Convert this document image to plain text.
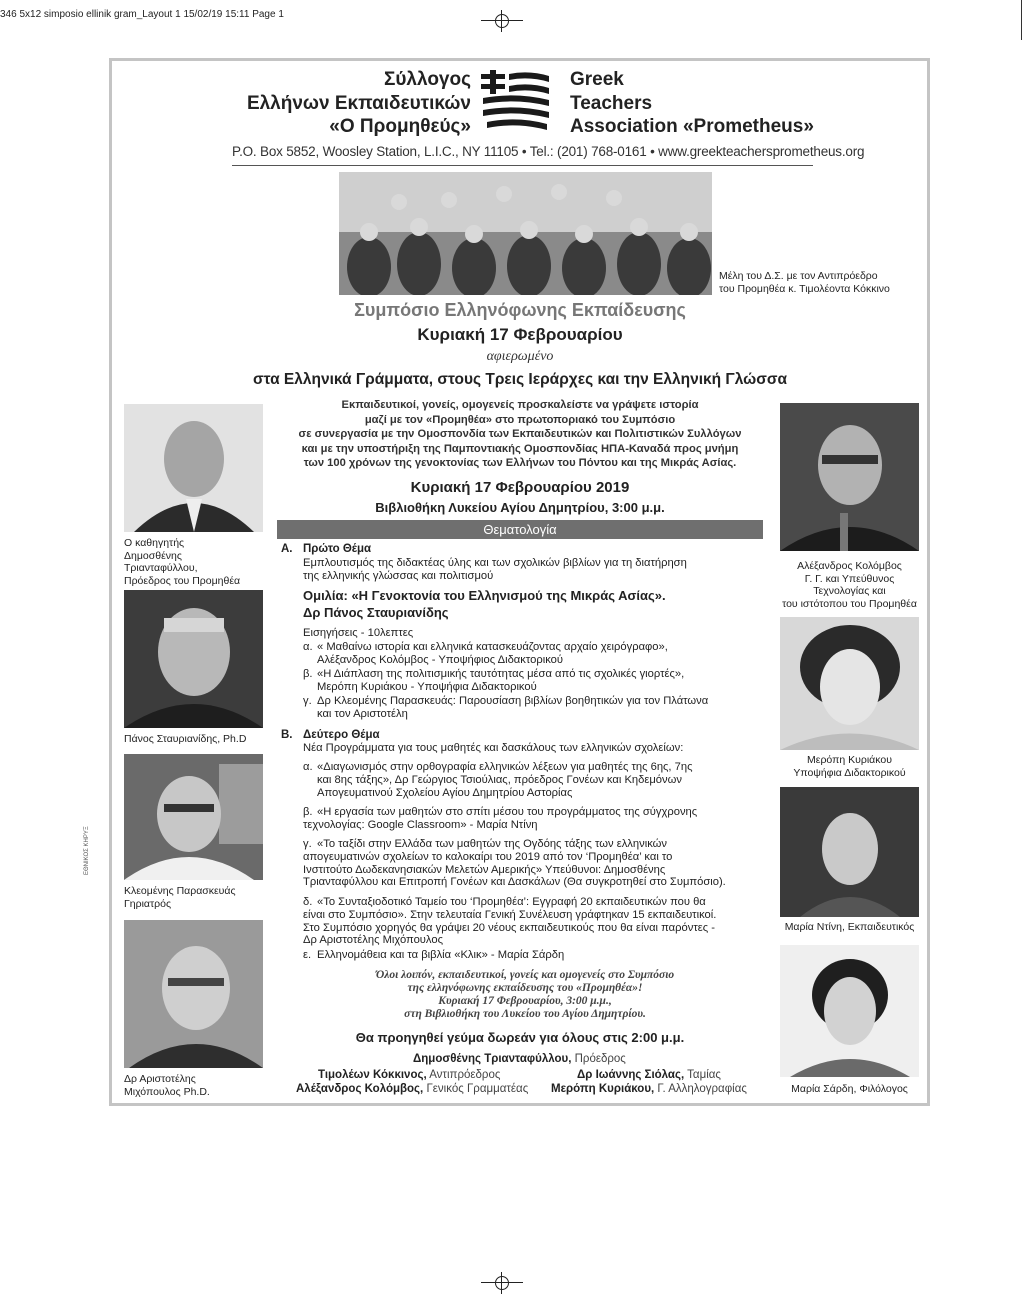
346 5x12 simposio ellinik gram_Layout 1 15/02/19 15:11 Page 1
ΕΘΝΙΚΟΣ ΚΗΡΥΞ
Σύλλογος
Ελλήνων Εκπαιδευτικών
«Ο Προμηθεύς»
Greek
Teachers
Association «Prometheus»
P.O. Box 5852, Woosley Station, L.I.C., NY 11105 • Tel.: (201) 768-0161 • www.greekteachersprometheus.org
Μέλη του Δ.Σ. με τον Αντιπρόεδρο
του Προμηθέα κ. Τιμολέοντα Κόκκινο
Συμπόσιο Ελληνόφωνης Εκπαίδευσης
Κυριακή 17 Φεβρουαρίου
αφιερωμένο
στα Ελληνικά Γράμματα, στους Τρεις Ιεράρχες και την Ελληνική Γλώσσα
Εκπαιδευτικοί, γονείς, ομογενείς προσκαλείστε να γράψετε ιστορία
μαζί με τον «Προμηθέα» στο πρωτοποριακό του Συμπόσιο
σε συνεργασία με την Ομοσπονδία των Εκπαιδευτικών και Πολιτιστικών Συλλόγων
και με την υποστήριξη της Παμποντιακής Ομοσπονδίας ΗΠΑ-Καναδά προς μνήμη
των 100 χρόνων της γενοκτονίας των Ελλήνων του Πόντου και της Μικράς Ασίας.
Κυριακή 17 Φεβρουαρίου 2019
Βιβλιοθήκη Λυκείου Αγίου Δημητρίου, 3:00 μ.μ.
Θεματολογία
Α. Πρώτο Θέμα
Εμπλουτισμός της διδακτέας ύλης και των σχολικών βιβλίων για τη διατήρηση
της ελληνικής γλώσσας και πολιτισμού
Ομιλία: «Η Γενοκτονία του Ελληνισμού της Μικράς Ασίας».
Δρ Πάνος Σταυριανίδης
Εισηγήσεις - 10λεπτες
α. « Μαθαίνω ιστορία και ελληνικά κατασκευάζοντας αρχαίο χειρόγραφο»,
Αλέξανδρος Κολόμβος - Υποψήφιος Διδακτορικού
β. «Η Διάπλαση της πολιτισμικής ταυτότητας μέσα από τις σχολικές γιορτές»,
Μερόπη Κυριάκου - Υποψήφια Διδακτορικού
γ. Δρ Κλεομένης Παρασκευάς: Παρουσίαση βιβλίων βοηθητικών για τον Πλάτωνα
και τον Αριστοτέλη
Β. Δεύτερο Θέμα
Νέα Προγράμματα για τους μαθητές και δασκάλους των ελληνικών σχολείων:
α. «Διαγωνισμός στην ορθογραφία ελληνικών λέξεων για μαθητές της 6ης, 7ης
και 8ης τάξης», Δρ Γεώργιος Τσιούλιας, πρόεδρος Γονέων και Κηδεμόνων
Απογευματινού Σχολείου Αγίου Δημητρίου Αστορίας
β. «Η εργασία των μαθητών στο σπίτι μέσου του προγράμματος της σύγχρονης
τεχνολογίας: Google Classroom» - Μαρία Ντίνη
γ. «Το ταξίδι στην Ελλάδα των μαθητών της Ογδόης τάξης των ελληνικών
απογευματινών σχολείων το καλοκαίρι του 2019 από τον ‘Προμηθέα’ και το
Ινστιτούτο Δωδεκανησιακών Μελετών Αμερικής» Υπεύθυνοι: Δημοσθένης
Τριανταφύλλου και Επιτροπή Γονέων και Δασκάλων (Θα συγκροτηθεί στο Συμπόσιο).
δ. «Το Συνταξιοδοτικό Ταμείο του ‘Προμηθέα’: Εγγραφή 20 εκπαιδευτικών που θα
είναι στο Συμπόσιο». Στην τελευταία Γενική Συνέλευση γράφτηκαν 15 εκπαιδευτικοί.
Στο Συμπόσιο χορηγός θα γράψει 20 νέους εκπαιδευτικούς που θα είναι παρόντες -
Δρ Αριστοτέλης Μιχόπουλος
ε. Ελληνομάθεια και τα βιβλία «Κλικ» - Μαρία Σάρδη
Όλοι λοιπόν, εκπαιδευτικοί, γονείς και ομογενείς στο Συμπόσιο
της ελληνόφωνης εκπαίδευσης του «Προμηθέα»!
Κυριακή 17 Φεβρουαρίου, 3:00 μ.μ.,
στη Βιβλιοθήκη του Λυκείου του Αγίου Δημητρίου.
Θα προηγηθεί γεύμα δωρεάν για όλους στις 2:00 μ.μ.
Δημοσθένης Τριανταφύλλου, Πρόεδρος
Τιμολέων Κόκκινος, Αντιπρόεδρος	Δρ Ιωάννης Σιόλας, Ταμίας
Αλέξανδρος Κολόμβος, Γενικός Γραμματέας Μερόπη Κυριάκου, Γ. Αλληλογραφίας
Ο καθηγητής
Δημοσθένης
Τριανταφύλλου,
Πρόεδρος του Προμηθέα
Πάνος Σταυριανίδης, Ph.D
Κλεομένης Παρασκευάς
Γηριατρός
Δρ Αριστοτέλης
Μιχόπουλος Ph.D.
Αλέξανδρος Κολόμβος
Γ. Γ. και Υπεύθυνος
Τεχνολογίας και
του ιστότοπου του Προμηθέα
Μερόπη Κυριάκου
Υποψήφια Διδακτορικού
Μαρία Ντίνη, Εκπαιδευτικός
Μαρία Σάρδη, Φιλόλογος
